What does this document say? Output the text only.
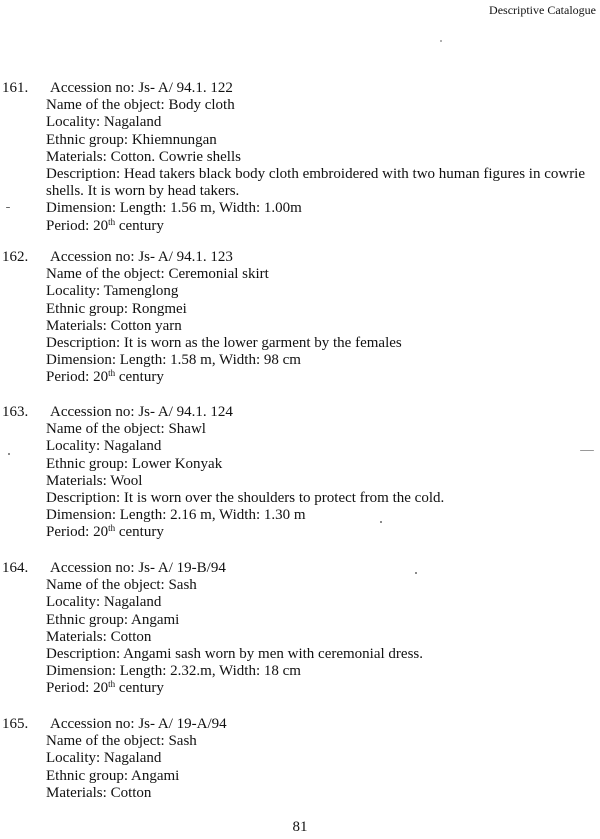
Descriptive Catalogue
161. Accession no: Js- A/ 94.1. 122
Name of the object: Body cloth
Locality: Nagaland
Ethnic group: Khiemnungan
Materials: Cotton. Cowrie shells
Description: Head takers black body cloth embroidered with two human figures in cowrie
shells. It is worn by head takers.
Dimension: Length: 1.56 m, Width: 1.00m
Period: 20th century
162. Accession no: Js- A/ 94.1. 123
Name of the object: Ceremonial skirt
Locality: Tamenglong
Ethnic group: Rongmei
Materials: Cotton yarn
Description: It is worn as the lower garment by the females
Dimension: Length: 1.58 m, Width: 98 cm
Period: 20th century
163. Accession no: Js- A/ 94.1. 124
Name of the object: Shawl
Locality: Nagaland
Ethnic group: Lower Konyak
Materials: Wool
Description: It is worn over the shoulders to protect from the cold.
Dimension: Length: 2.16 m, Width: 1.30 m
Period: 20th century
164. Accession no: Js- A/ 19-B/94
Name of the object: Sash
Locality: Nagaland
Ethnic group: Angami
Materials: Cotton
Description: Angami sash worn by men with ceremonial dress.
Dimension: Length: 2.32.m, Width: 18 cm
Period: 20th century
165. Accession no: Js- A/ 19-A/94
Name of the object: Sash
Locality: Nagaland
Ethnic group: Angami
Materials: Cotton
81
